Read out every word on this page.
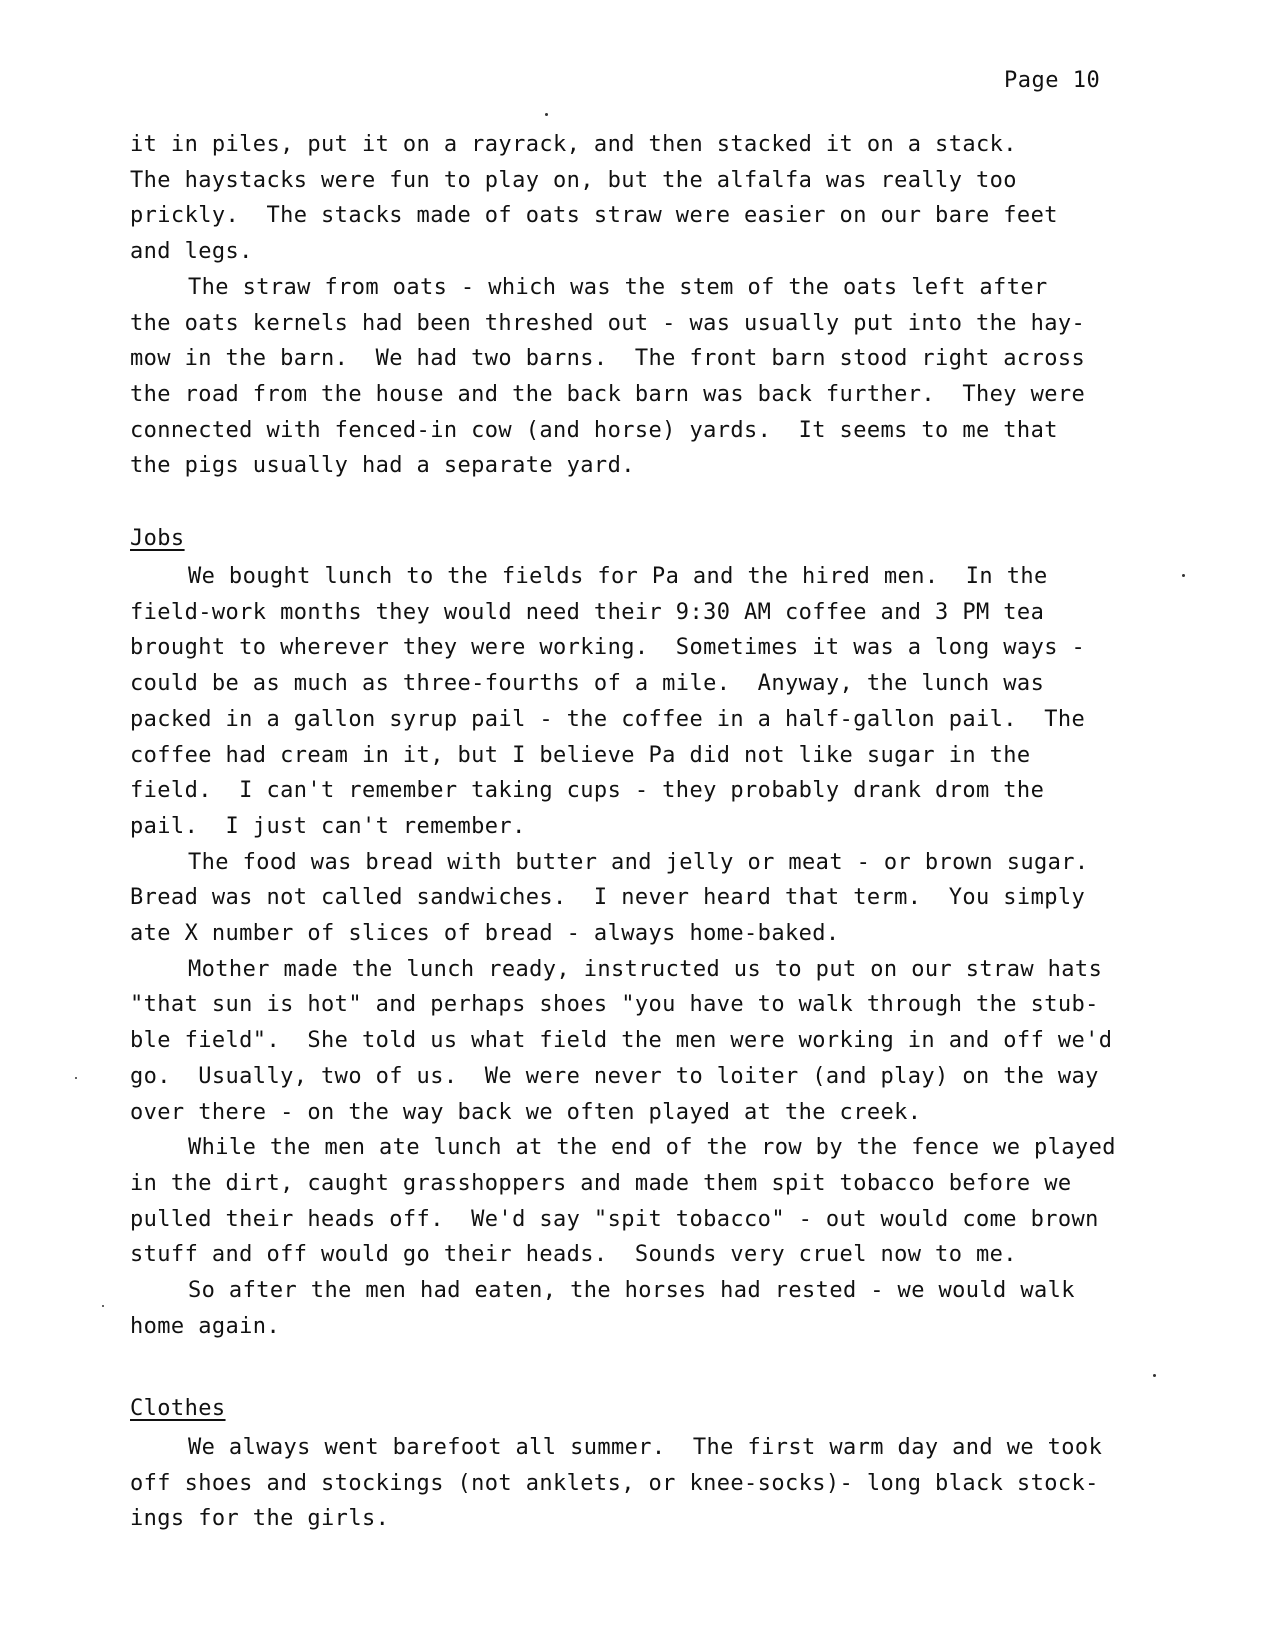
Page 10
it in piles, put it on a rayrack, and then stacked it on a stack.
The haystacks were fun to play on, but the alfalfa was really too
prickly.  The stacks made of oats straw were easier on our bare feet
and legs.
The straw from oats - which was the stem of the oats left after
the oats kernels had been threshed out - was usually put into the hay-
mow in the barn.  We had two barns.  The front barn stood right across
the road from the house and the back barn was back further.  They were
connected with fenced-in cow (and horse) yards.  It seems to me that
the pigs usually had a separate yard.
Jobs
We bought lunch to the fields for Pa and the hired men.  In the
field-work months they would need their 9:30 AM coffee and 3 PM tea
brought to wherever they were working.  Sometimes it was a long ways -
could be as much as three-fourths of a mile.  Anyway, the lunch was
packed in a gallon syrup pail - the coffee in a half-gallon pail.  The
coffee had cream in it, but I believe Pa did not like sugar in the
field.  I can't remember taking cups - they probably drank drom the
pail.  I just can't remember.
The food was bread with butter and jelly or meat - or brown sugar.
Bread was not called sandwiches.  I never heard that term.  You simply
ate X number of slices of bread - always home-baked.
Mother made the lunch ready, instructed us to put on our straw hats
"that sun is hot" and perhaps shoes "you have to walk through the stub-
ble field".  She told us what field the men were working in and off we'd
go.  Usually, two of us.  We were never to loiter (and play) on the way
over there - on the way back we often played at the creek.
While the men ate lunch at the end of the row by the fence we played
in the dirt, caught grasshoppers and made them spit tobacco before we
pulled their heads off.  We'd say "spit tobacco" - out would come brown
stuff and off would go their heads.  Sounds very cruel now to me.
So after the men had eaten, the horses had rested - we would walk
home again.
Clothes
We always went barefoot all summer.  The first warm day and we took
off shoes and stockings (not anklets, or knee-socks)- long black stock-
ings for the girls.
